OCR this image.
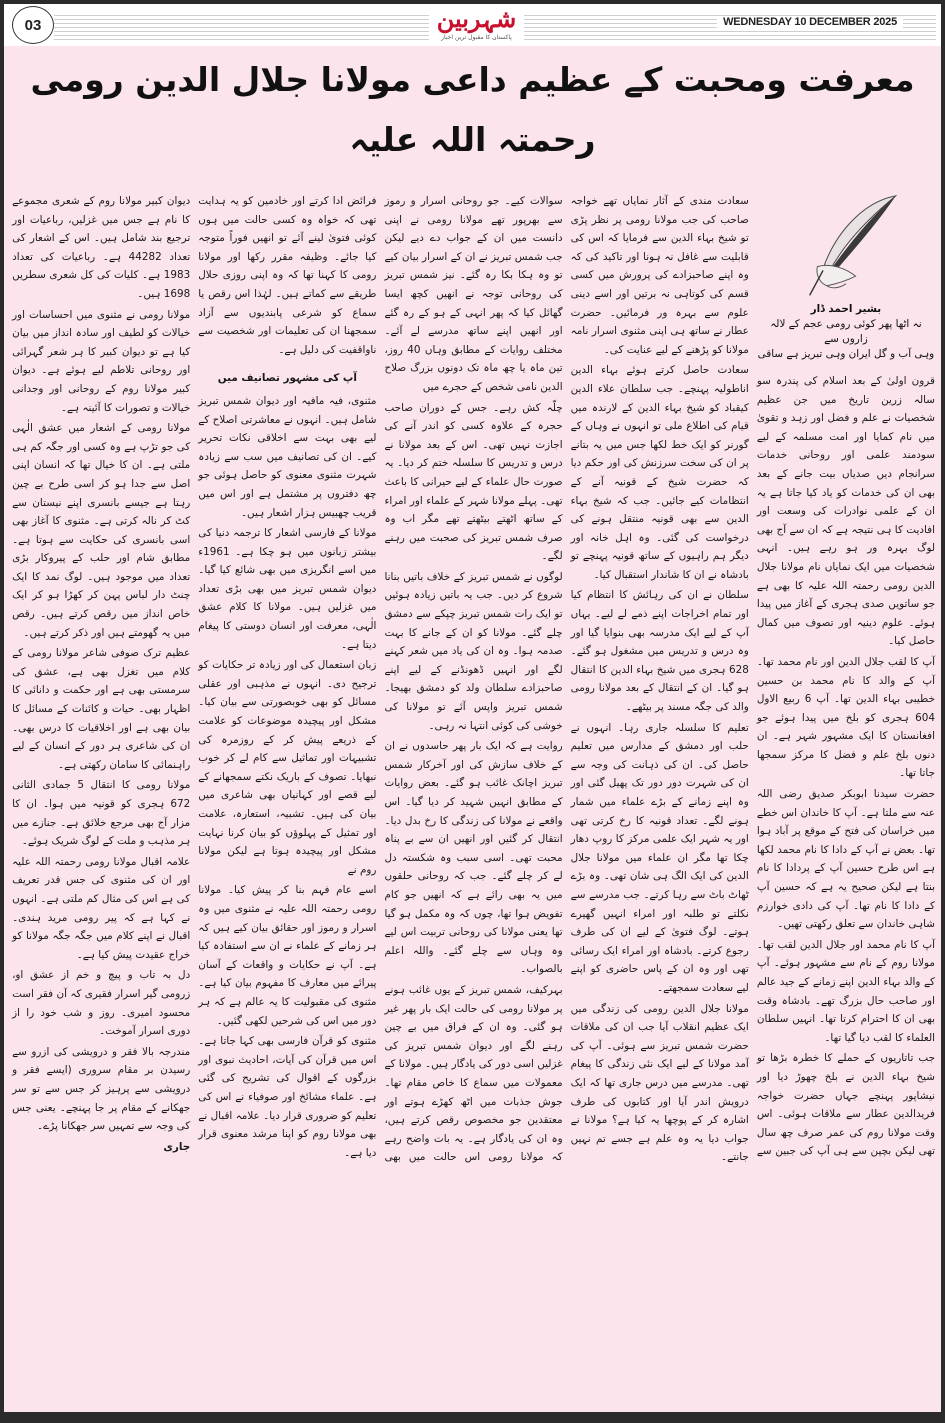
03	شہربین
پاکستان کا مقبول ترین اخبار
WEDNESDAY 10 DECEMBER 2025
معرفت ومحبت کے عظیم داعی مولانا جلال الدین رومی رحمتہ اللہ علیہ
بشیر احمد ڈار
نہ اٹھا پھر کوئی رومی عجم کے لالہ زاروں سے
وہی آب و گل ایران وہی تبریز ہے ساقی

قرون اولیٰ کے بعد اسلام کی پندرہ سو سالہ زرین تاریخ میں جن عظیم شخصیات نے علم و فضل اور زہد و تقویٰ میں نام کمایا اور امت مسلمہ کے لیے سودمند علمی اور روحانی خدمات سرانجام دیں صدیاں بیت جانے کے بعد بھی ان کی خدمات کو یاد کیا جاتا ہے یہ ان کے علمی نوادرات کی وسعت اور افادیت کا ہی نتیجہ ہے کہ ان سے آج بھی لوگ بہرہ ور ہو رہے ہیں۔ انہی شخصیات میں ایک نمایاں نام مولانا جلال الدین رومی رحمتہ اللہ علیہ کا بھی ہے جو ساتویں صدی ہجری کے آغاز میں پیدا ہوئے۔ علوم دینیہ اور تصوف میں کمال حاصل کیا۔

آپ کا لقب جلال الدین اور نام محمد تھا۔ آپ کے والد کا نام محمد بن حسین خطیبی بہاء الدین تھا۔ آپ 6 ربیع الاول 604 ہجری کو بلخ میں پیدا ہوئے جو افغانستان کا ایک مشہور شہر ہے۔ ان دنوں بلخ علم و فضل کا مرکز سمجھا جاتا تھا۔

حضرت سیدنا ابوبکر صدیق رضی اللہ عنہ سے ملتا ہے۔ آپ کا خاندان اس خطے میں خراسان کی فتح کے موقع پر آباد ہوا تھا۔ بعض نے آپ کے دادا کا نام محمد لکھا ہے اس طرح حسین آپ کے پردادا کا نام بنتا ہے لیکن صحیح یہ ہے کہ حسین آپ کے دادا کا نام تھا۔ آپ کی دادی خوارزم شاہی خاندان سے تعلق رکھتی تھیں۔

آپ کا نام محمد اور جلال الدین لقب تھا۔ مولانا روم کے نام سے مشہور ہوئے۔ آپ کے والد بہاء الدین اپنے زمانے کے جید عالم اور صاحب حال بزرگ تھے۔ بادشاہ وقت بھی ان کا احترام کرتا تھا۔ انہیں سلطان العلماء کا لقب دیا گیا تھا۔

جب تاتاریوں کے حملے کا خطرہ بڑھا تو شیخ بہاء الدین نے بلخ چھوڑ دیا اور نیشاپور پہنچے جہاں حضرت خواجہ فریدالدین عطار سے ملاقات ہوئی۔ اس وقت مولانا روم کی عمر صرف چھ سال تھی لیکن بچپن سے ہی آپ کی جبین سے سعادت مندی کے آثار نمایاں تھے خواجہ صاحب کی جب مولانا رومی پر نظر پڑی تو شیخ بہاء الدین سے فرمایا کہ اس کی قابلیت سے غافل نہ ہونا اور تاکید کی کہ وہ اپنے صاحبزادے کی پرورش میں کسی قسم کی کوتاہی نہ برتیں اور اسے دینی علوم سے بہرہ ور فرمائیں۔ حضرت عطار نے ساتھ ہی اپنی مثنوی اسرار نامہ مولانا کو پڑھنے کے لیے عنایت کی۔

سعادت حاصل کرتے ہوئے بہاء الدین اناطولیہ پہنچے۔ جب سلطان علاء الدین کیقباد کو شیخ بہاء الدین کے لارندہ میں قیام کی اطلاع ملی تو انہوں نے وہاں کے گورنر کو ایک خط لکھا جس میں یہ بتانے پر ان کی سخت سرزنش کی اور حکم دیا کہ حضرت شیخ کے قونیہ آنے کے انتظامات کیے جائیں۔ جب کہ شیخ بہاء الدین سے بھی قونیہ منتقل ہونے کی درخواست کی گئی۔ وہ اہل خانہ اور دیگر ہم راہیوں کے ساتھ قونیہ پہنچے تو بادشاہ نے ان کا شاندار استقبال کیا۔

سلطان نے ان کی رہائش کا انتظام کیا اور تمام اخراجات اپنے ذمے لے لیے۔ یہاں آپ کے لیے ایک مدرسہ بھی بنوایا گیا اور وہ درس و تدریس میں مشغول ہو گئے۔ 628 ہجری میں شیخ بہاء الدین کا انتقال ہو گیا۔ ان کے انتقال کے بعد مولانا رومی والد کی جگہ مسند پر بیٹھے۔

تعلیم کا سلسلہ جاری رہا۔ انہوں نے حلب اور دمشق کے مدارس میں تعلیم حاصل کی۔ ان کی ذہانت کی وجہ سے ان کی شہرت دور دور تک پھیل گئی اور وہ اپنے زمانے کے بڑے علماء میں شمار ہونے لگے۔ تعداد قونیہ کا رخ کرتی تھی اور یہ شہر ایک علمی مرکز کا روپ دھار چکا تھا مگر ان علماء میں مولانا جلال الدین کی ایک الگ ہی شان تھی۔ وہ بڑے ٹھاٹ باٹ سے رہا کرتے۔ جب مدرسے سے نکلتے تو طلبہ اور امراء انہیں گھیرے ہوتے۔ لوگ فتویٰ کے لیے ان کی طرف رجوع کرتے۔ بادشاہ اور امراء ایک رسائی تھی اور وہ ان کے پاس حاضری کو اپنے لیے سعادت سمجھتے۔

مولانا جلال الدین رومی کی زندگی میں ایک عظیم انقلاب آیا جب ان کی ملاقات حضرت شمس تبریز سے ہوئی۔ آپ کی آمد مولانا کے لیے ایک نئی زندگی کا پیغام تھی۔ مدرسے میں درس جاری تھا کہ ایک درویش اندر آیا اور کتابوں کی طرف اشارہ کر کے پوچھا یہ کیا ہے؟ مولانا نے جواب دیا یہ وہ علم ہے جسے تم نہیں جانتے۔

سوالات کیے۔ جو روحانی اسرار و رموز سے بھرپور تھے مولانا رومی نے اپنی دانست میں ان کے جواب دے دیے لیکن جب شمس تبریز نے ان کے اسرار بیان کیے تو وہ ہکا بکا رہ گئے۔ نیز شمس تبریز کی روحانی توجہ نے انھیں کچھ ایسا گھائل کیا کہ پھر انہی کے ہو کے رہ گئے اور انھیں اپنے ساتھ مدرسے لے آئے۔ مختلف روایات کے مطابق وہاں 40 روز، تین ماہ یا چھ ماہ تک دونوں بزرگ صلاح الدین نامی شخص کے حجرے میں

چلّہ کش رہے۔ جس کے دوران صاحب حجرہ کے علاوہ کسی کو اندر آنے کی اجازت نہیں تھی۔ اس کے بعد مولانا نے درس و تدریس کا سلسلہ ختم کر دیا۔ یہ صورت حال علماء کے لیے حیرانی کا باعث تھی۔ پہلے مولانا شہر کے علماء اور امراء کے ساتھ اٹھتے بیٹھتے تھے مگر اب وہ صرف شمس تبریز کی صحبت میں رہنے لگے۔

لوگوں نے شمس تبریز کے خلاف باتیں بنانا شروع کر دیں۔ جب یہ باتیں زیادہ ہوئیں تو ایک رات شمس تبریز چپکے سے دمشق چلے گئے۔ مولانا کو ان کے جانے کا بہت صدمہ ہوا۔ وہ ان کی یاد میں شعر کہنے لگے اور انہیں ڈھونڈنے کے لیے اپنے صاحبزادے سلطان ولد کو دمشق بھیجا۔ شمس تبریز واپس آئے تو مولانا کی خوشی کی کوئی انتہا نہ رہی۔

روایت ہے کہ ایک بار پھر حاسدوں نے ان کے خلاف سازش کی اور آخرکار شمس تبریز اچانک غائب ہو گئے۔ بعض روایات کے مطابق انہیں شہید کر دیا گیا۔ اس واقعے نے مولانا کی زندگی کا رخ بدل دیا۔ انتقال کر گئیں اور انھیں ان سے بے پناہ محبت تھی۔ اسی سبب وہ شکستہ دل لے کر چلے گئے۔ جب کہ روحانی حلقوں میں یہ بھی رائے ہے کہ انھیں جو کام تفویض ہوا تھا، چوں کہ وہ مکمل ہو گیا تھا یعنی مولانا کی روحانی تربیت اس لیے وہ وہاں سے چلے گئے۔ واللہ اعلم بالصواب۔

بہرکیف، شمس تبریز کے یوں غائب ہونے پر مولانا رومی کی حالت ایک بار پھر غیر ہو گئی۔ وہ ان کے فراق میں بے چین رہنے لگے اور دیوان شمس تبریز کی غزلیں اسی دور کی یادگار ہیں۔ مولانا کے معمولات میں سماع کا خاص مقام تھا۔ جوش جذبات میں اٹھ کھڑے ہوتے اور معتقدین جو مخصوص رقص کرتے ہیں، وہ ان کی یادگار ہے۔ یہ بات واضح رہے کہ مولانا رومی اس حالت میں بھی فرائض ادا کرتے اور خادمین کو یہ ہدایت تھی کہ خواہ وہ کسی حالت میں ہوں کوئی فتویٰ لینے آئے تو انھیں فوراً متوجہ کیا جائے۔ وظیفہ مقرر رکھا اور مولانا رومی کا کہنا تھا کہ وہ اپنی روزی حلال طریقے سے کماتے ہیں۔ لہٰذا اس رقص یا سماع کو شرعی پابندیوں سے آزاد سمجھنا ان کی تعلیمات اور شخصیت سے ناواقفیت کی دلیل ہے۔

آپ کی مشہور تصانیف میں

مثنوی، فیہ مافیہ اور دیوان شمس تبریز شامل ہیں۔ انہوں نے معاشرتی اصلاح کے لیے بھی بہت سے اخلاقی نکات تحریر کیے۔ ان کی تصانیف میں سب سے زیادہ شہرت مثنوی معنوی کو حاصل ہوئی جو چھ دفتروں پر مشتمل ہے اور اس میں قریب چھبیس ہزار اشعار ہیں۔

مولانا کے فارسی اشعار کا ترجمہ دنیا کی بیشتر زبانوں میں ہو چکا ہے۔ 1961ء میں اسے انگریزی میں بھی شائع کیا گیا۔ دیوان شمس تبریز میں بھی بڑی تعداد میں غزلیں ہیں۔ مولانا کا کلام عشق الٰہی، معرفت اور انسان دوستی کا پیغام دیتا ہے۔

زبان استعمال کی اور زیادہ تر حکایات کو ترجیح دی۔ انہوں نے مذہبی اور عقلی مسائل کو بھی خوبصورتی سے بیان کیا۔ مشکل اور پیچیدہ موضوعات کو علامت کے ذریعے پیش کر کے روزمرہ کی تشبیہات اور تماثیل سے کام لے کر خوب نبھایا۔ تصوف کے باریک نکتے سمجھانے کے لیے قصے اور کہانیاں بھی شاعری میں بیان کی ہیں۔ تشبیہ، استعارہ، علامت اور تمثیل کے پہلوؤں کو بیان کرنا نہایت مشکل اور پیچیدہ ہوتا ہے لیکن مولانا روم نے

اسے عام فہم بنا کر پیش کیا۔ مولانا رومی رحمتہ اللہ علیہ نے مثنوی میں وہ اسرار و رموز اور حقائق بیان کیے ہیں کہ ہر زمانے کے علماء نے ان سے استفادہ کیا ہے۔ آپ نے حکایات و واقعات کے آسان پیرائے میں معارف کا مفہوم بیان کیا ہے۔ مثنوی کی مقبولیت کا یہ عالم ہے کہ ہر دور میں اس کی شرحیں لکھی گئیں۔

مثنوی کو قرآن فارسی بھی کہا جاتا ہے۔ اس میں قرآن کی آیات، احادیث نبوی اور بزرگوں کے اقوال کی تشریح کی گئی ہے۔ علماء مشائخ اور صوفیاء نے اس کی تعلیم کو ضروری قرار دیا۔ علامہ اقبال نے بھی مولانا روم کو اپنا مرشد معنوی قرار دیا ہے۔

دیوان کبیر مولانا روم کے شعری مجموعے کا نام ہے جس میں غزلیں، رباعیات اور ترجیع بند شامل ہیں۔ اس کے اشعار کی تعداد 44282 ہے۔ رباعیات کی تعداد 1983 ہے۔ کلیات کی کل شعری سطریں 1698 ہیں۔

مولانا رومی نے مثنوی میں احساسات اور خیالات کو لطیف اور سادہ انداز میں بیان کیا ہے تو دیوان کبیر کا ہر شعر گہرائی اور روحانی تلاطم لیے ہوئے ہے۔ دیوان کبیر مولانا روم کے روحانی اور وجدانی خیالات و تصورات کا آئینہ ہے۔

مولانا رومی کے اشعار میں عشق الٰہی کی جو تڑپ ہے وہ کسی اور جگہ کم ہی ملتی ہے۔ ان کا خیال تھا کہ انسان اپنی اصل سے جدا ہو کر اسی طرح بے چین رہتا ہے جیسے بانسری اپنے نیستان سے کٹ کر نالہ کرتی ہے۔ مثنوی کا آغاز بھی اسی بانسری کی حکایت سے ہوتا ہے۔ مطابق شام اور حلب کے پیروکار بڑی تعداد میں موجود ہیں۔ لوگ نمد کا ایک چنٹ دار لباس پہن کر کھڑا ہو کر ایک خاص انداز میں رقص کرتے ہیں۔ رقص میں یہ گھومتے ہیں اور ذکر کرتے ہیں۔

عظیم ترک صوفی شاعر مولانا رومی کے کلام میں تغزل بھی ہے، عشق کی سرمستی بھی ہے اور حکمت و دانائی کا اظہار بھی۔ حیات و کائنات کے مسائل کا بیان بھی ہے اور اخلاقیات کا درس بھی۔ ان کی شاعری ہر دور کے انسان کے لیے راہنمائی کا سامان رکھتی ہے۔

مولانا رومی کا انتقال 5 جمادی الثانی 672 ہجری کو قونیہ میں ہوا۔ ان کا مزار آج بھی مرجع خلائق ہے۔ جنازے میں ہر مذہب و ملت کے لوگ شریک ہوئے۔

علامہ اقبال مولانا رومی رحمتہ اللہ علیہ اور ان کی مثنوی کی جس قدر تعریف کی ہے اس کی مثال کم ملتی ہے۔ انہوں نے کہا ہے کہ پیر رومی مرید ہندی۔ اقبال نے اپنے کلام میں جگہ جگہ مولانا کو خراج عقیدت پیش کیا ہے۔

دل بہ تاب و پیچ و خم از عشق او، زرومی گیر اسرار فقیری کہ آن فقر است محسود امیری۔ روز و شب خود را از دوری اسرار آموخت۔

مندرجہ بالا فقر و درویشی کی ازرو سے رسیدن بر مقام سروری (ایسے فقر و درویشی سے پرہیز کر جس سے تو سر جھکانے کے مقام پر جا پہنچے۔ یعنی جس کی وجہ سے تمہیں سر جھکانا پڑے۔

جاری
